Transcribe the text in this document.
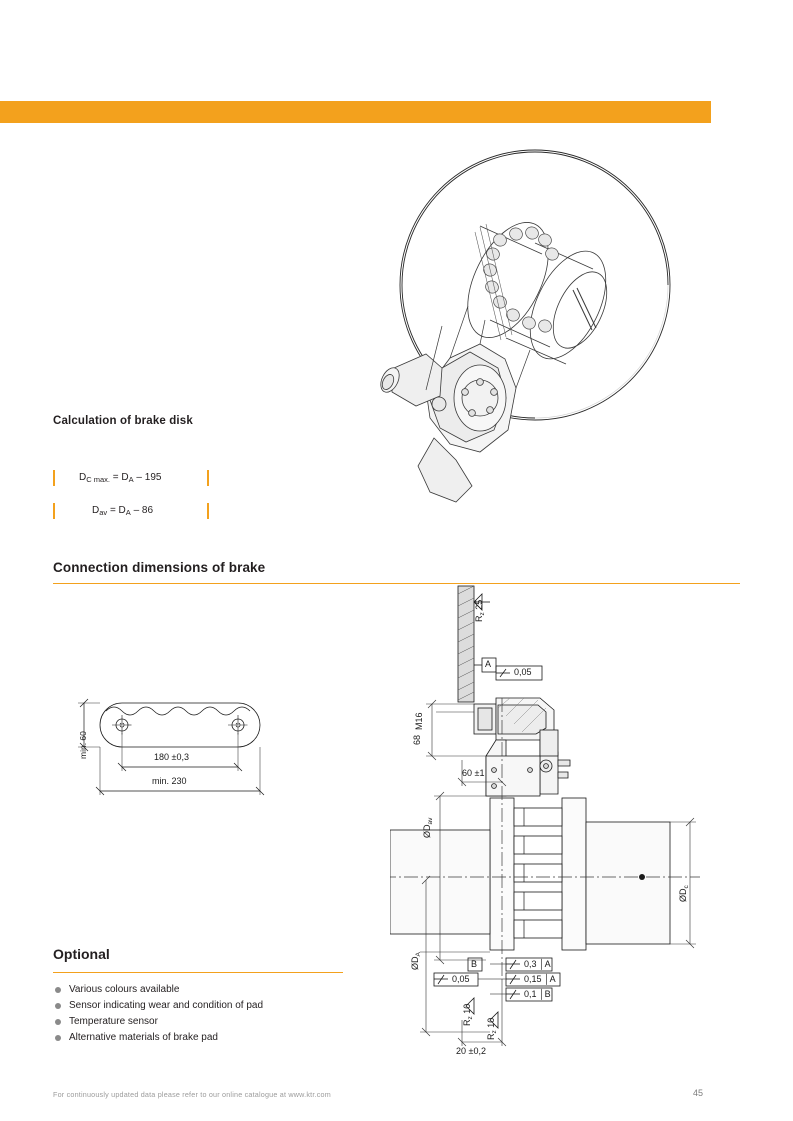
Calculation of brake disk
$D_{C max.} = D_A - 195$
$D_{av} = D_A - 86$
Connection dimensions of brake
min. 60	180 ±0,3
min. 230
$R_z$ 25
A
0,05
M16
68
60 ±1
$ØD_{av}$
$ØD_c$
$ØD_A$
B
0,05
0,3 │A
0,15 │A
0,1 │B
$R_z$ 10
$R_z$ 10
20 ±0,2
Optional
Various colours available
Sensor indicating wear and condition of pad
Temperature sensor
Alternative materials of brake pad
For continuously updated data please refer to our online catalogue at www.ktr.com	45
